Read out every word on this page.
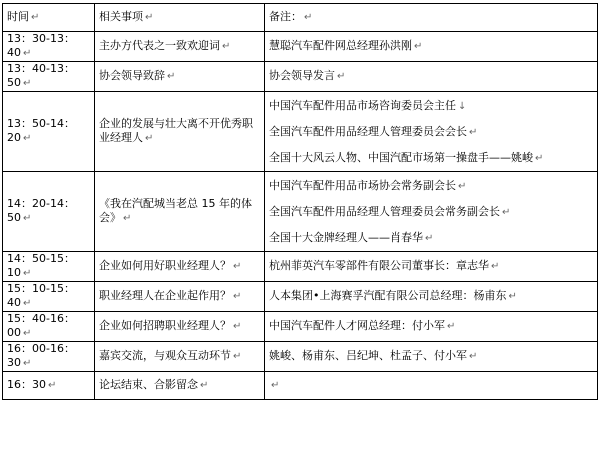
时间 ↵	相关事项 ↵	备注： ↵
13：30-13：40 ↵	主办方代表之一致欢迎词 ↵	慧聪汽车配件网总经理孙洪刚 ↵
13：40-13：50 ↵	协会领导致辞 ↵	协会领导发言 ↵
13：50-14：20 ↵	企业的发展与壮大离不开优秀职业经理人 ↵	中国汽车配件用品市场咨询委员会主任 ↓
全国汽车配件用品经理人管理委员会会长 ↵
全国十大风云人物、中国汽配市场第一操盘手——姚峻 ↵

14：20-14：50 ↵	《我在汽配城当老总 15 年的体会》 ↵	中国汽车配件用品市场协会常务副会长 ↵
全国汽车配件用品经理人管理委员会常务副会长 ↵
全国十大金牌经理人——肖春华 ↵

14：50-15：10 ↵	企业如何用好职业经理人？ ↵	杭州菲英汽车零部件有限公司董事长：章志华 ↵
15：10-15：40 ↵	职业经理人在企业起作用？ ↵	人本集团•上海赛孚汽配有限公司总经理：杨甫东 ↵
15：40-16：00 ↵	企业如何招聘职业经理人？ ↵	中国汽车配件人才网总经理：付小军 ↵
16：00-16：30 ↵	嘉宾交流，与观众互动环节 ↵	姚峻、杨甫东、吕纪坤、杜孟子、付小军 ↵
16：30 ↵	论坛结束、合影留念 ↵	↵
